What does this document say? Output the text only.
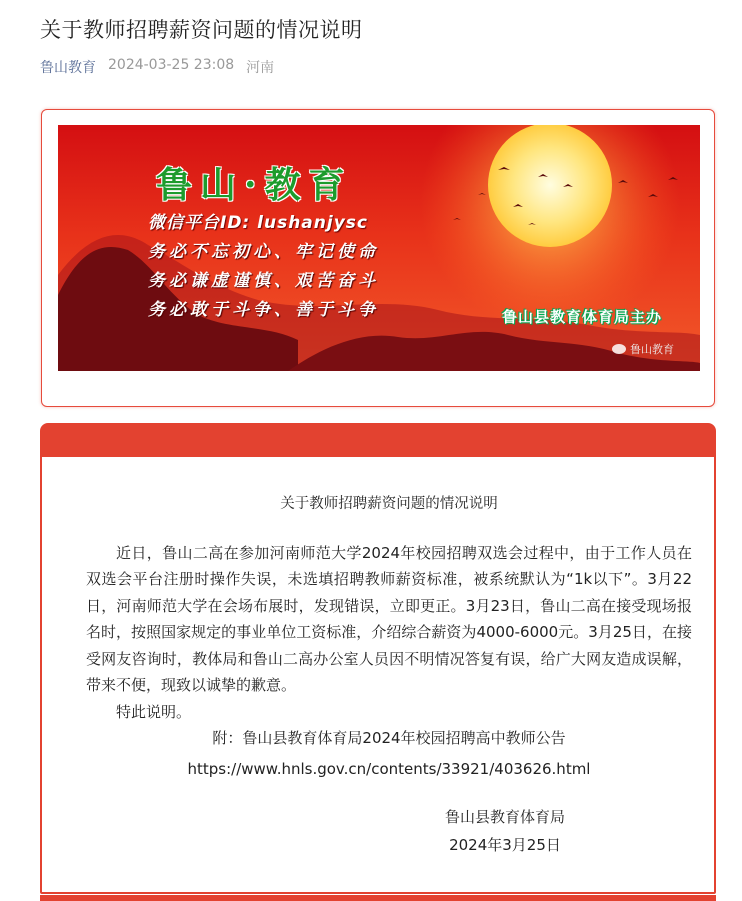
关于教师招聘薪资问题的情况说明
鲁山教育 2024-03-25 23:08 河南
鲁山·教育
微信平台ID: lushanjysc
务必不忘初心、牢记使命
务必谦虚谨慎、艰苦奋斗
务必敢于斗争、善于斗争	鲁山县教育体育局主办
鲁山教育
关于教师招聘薪资问题的情况说明

近日，鲁山二高在参加河南师范大学2024年校园招聘双选会过程中，由于工作人员在双选会平台注册时操作失误，未选填招聘教师薪资标准，被系统默认为“1k以下”。3月22日，河南师范大学在会场布展时，发现错误，立即更正。3月23日，鲁山二高在接受现场报名时，按照国家规定的事业单位工资标准，介绍综合薪资为4000-6000元。3月25日，在接受网友咨询时，教体局和鲁山二高办公室人员因不明情况答复有误，给广大网友造成误解，带来不便，现致以诚挚的歉意。

特此说明。

附：鲁山县教育体育局2024年校园招聘高中教师公告
https://www.hnls.gov.cn/contents/33921/403626.html
鲁山县教育体育局
2024年3月25日
